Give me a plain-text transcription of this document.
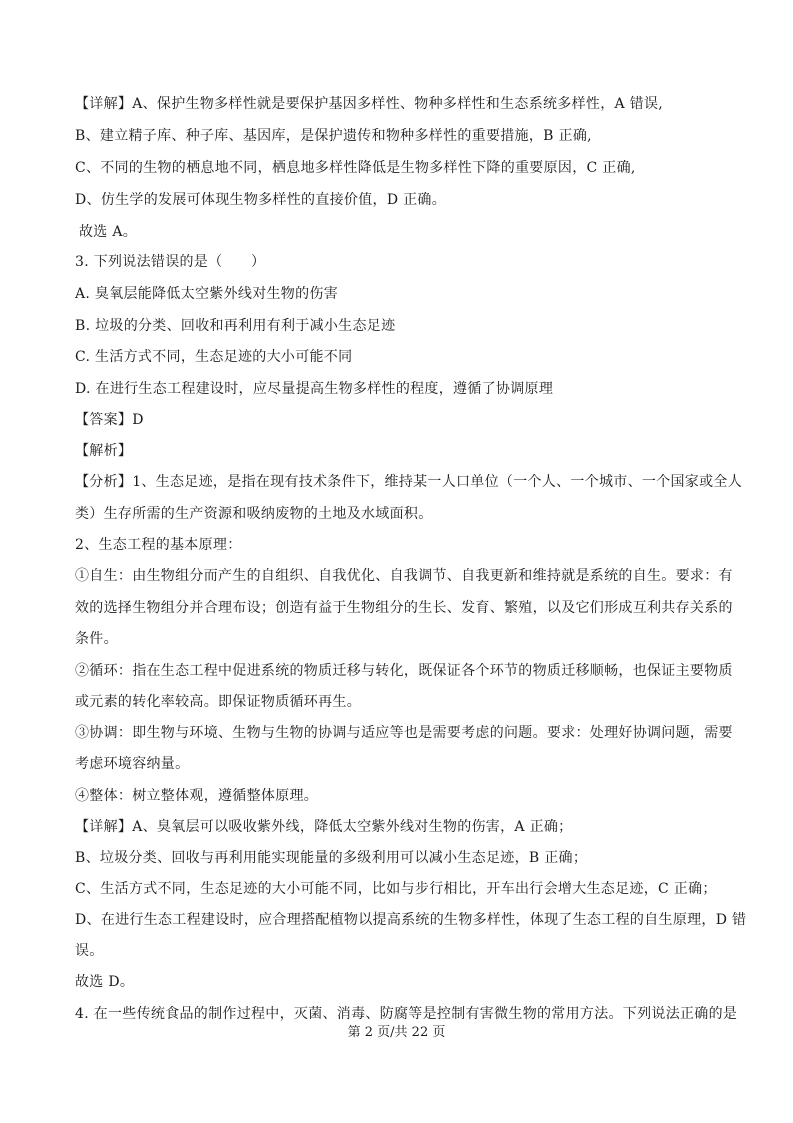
【详解】A、保护生物多样性就是要保护基因多样性、物种多样性和生态系统多样性，A 错误,
B、建立精子库、种子库、基因库，是保护遗传和物种多样性的重要措施，B 正确,
C、不同的生物的栖息地不同，栖息地多样性降低是生物多样性下降的重要原因，C 正确,
D、仿生学的发展可体现生物多样性的直接价值，D 正确。
故选 A。
3. 下列说法错误的是（　　）
A. 臭氧层能降低太空紫外线对生物的伤害
B. 垃圾的分类、回收和再利用有利于减小生态足迹
C. 生活方式不同，生态足迹的大小可能不同
D. 在进行生态工程建设时，应尽量提高生物多样性的程度，遵循了协调原理
【答案】D
【解析】
【分析】1、生态足迹，是指在现有技术条件下，维持某一人口单位（一个人、一个城市、一个国家或全人
类）生存所需的生产资源和吸纳废物的土地及水域面积。
2、生态工程的基本原理：
①自生：由生物组分而产生的自组织、自我优化、自我调节、自我更新和维持就是系统的自生。要求：有
效的选择生物组分并合理布设；创造有益于生物组分的生长、发育、繁殖，以及它们形成互利共存关系的
条件。
②循环：指在生态工程中促进系统的物质迁移与转化，既保证各个环节的物质迁移顺畅，也保证主要物质
或元素的转化率较高。即保证物质循环再生。
③协调：即生物与环境、生物与生物的协调与适应等也是需要考虑的问题。要求：处理好协调问题，需要
考虑环境容纳量。
④整体：树立整体观，遵循整体原理。
【详解】A、臭氧层可以吸收紫外线，降低太空紫外线对生物的伤害，A 正确；
B、垃圾分类、回收与再利用能实现能量的多级利用可以减小生态足迹，B 正确；
C、生活方式不同，生态足迹的大小可能不同，比如与步行相比，开车出行会增大生态足迹，C 正确；
D、在进行生态工程建设时，应合理搭配植物以提高系统的生物多样性，体现了生态工程的自生原理，D 错
误。
故选 D。
4. 在一些传统食品的制作过程中，灭菌、消毒、防腐等是控制有害微生物的常用方法。下列说法正确的是
第 2 页/共 22 页
